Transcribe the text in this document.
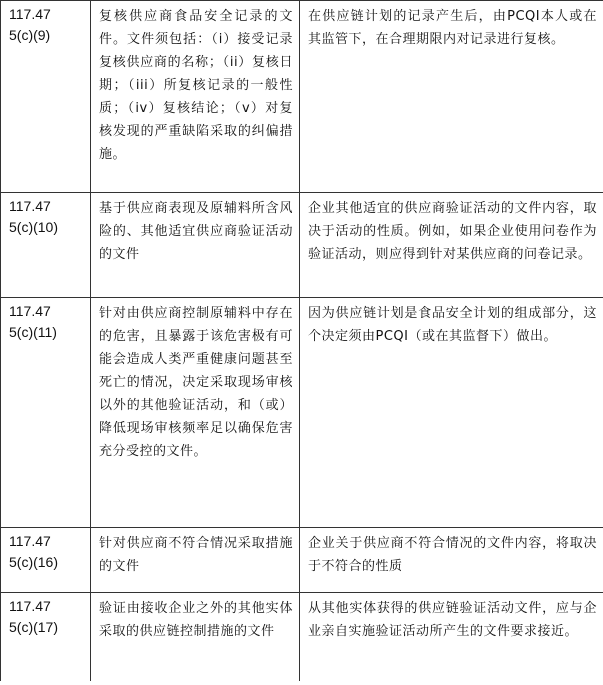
117.47
5(c)(9)	复核供应商食品安全记录的文件。文件须包括：（i）接受记录复核供应商的名称；（ii）复核日期；（iii）所复核记录的一般性质；（iv）复核结论；（v）对复核发现的严重缺陷采取的纠偏措施。	在供应链计划的记录产生后，由PCQI本人或在其监管下，在合理期限内对记录进行复核。

117.47
5(c)(10)	基于供应商表现及原辅料所含风险的、其他适宜供应商验证活动的文件	企业其他适宜的供应商验证活动的文件内容，取决于活动的性质。例如，如果企业使用问卷作为验证活动，则应得到针对某供应商的问卷记录。

117.47
5(c)(11)	针对由供应商控制原辅料中存在的危害，且暴露于该危害极有可能会造成人类严重健康问题甚至死亡的情况，决定采取现场审核以外的其他验证活动，和（或）降低现场审核频率足以确保危害充分受控的文件。	因为供应链计划是食品安全计划的组成部分，这个决定须由PCQI（或在其监督下）做出。

117.47
5(c)(16)	针对供应商不符合情况采取措施的文件	企业关于供应商不符合情况的文件内容，将取决于不符合的性质

117.47
5(c)(17)	验证由接收企业之外的其他实体采取的供应链控制措施的文件	从其他实体获得的供应链验证活动文件，应与企业亲自实施验证活动所产生的文件要求接近。
